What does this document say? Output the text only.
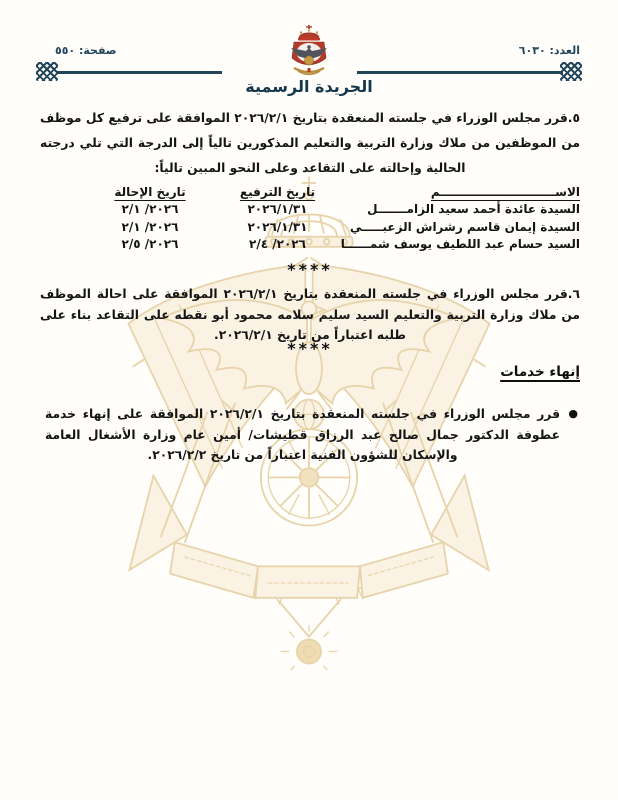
صفحة: ٥٥٠	العدد: ٦٠٣٠
الجريدة الرسمية
٥.قرر مجلس الوزراء في جلسته المنعقدة بتاريخ ٢٠٢٦/٢/١ الموافقة على ترفيع كل موظف من الموظفين من ملاك وزارة التربية والتعليم المذكورين تالياً إلى الدرجة التي تلي درجته الحالية وإحالته على التقاعد وعلى النحو المبين تالياً:
الاســــــــــــــــــــــــــــم	تاريخ الترفيع	تاريخ الإحالة
السيدة عائدة أحمد سعيد الزامـــــــل	٢٠٢٦/١/٣١	٢٠٢٦/ ٢/١
السيدة إيمان قاسم رشراش الزعبـــــي	٢٠٢٦/١/٣١	٢٠٢٦/ ٢/١
السيد حسام عبد اللطيف يوسف شمــــــا	٢٠٢٦/ ٢/٤	٢٠٢٦/ ٢/٥
****
٦.قرر مجلس الوزراء في جلسته المنعقدة بتاريخ ٢٠٢٦/٢/١ الموافقة على احالة الموظف من ملاك وزارة التربية والتعليم السيد سليم سلامه محمود أبو نقطه على التقاعد بناء على طلبه اعتباراً من تاريخ ٢٠٢٦/٢/١.
****
إنهاء خدمات
●
قرر مجلس الوزراء في جلسته المنعقدة بتاريخ ٢٠٢٦/٢/١ الموافقة على إنهاء خدمة عطوفة الدكتور جمال صالح عبد الرزاق قطيشات/ أمين عام وزارة الأشغال العامة والإسكان للشؤون الفنية اعتباراً من تاريخ ٢٠٢٦/٢/٢.
